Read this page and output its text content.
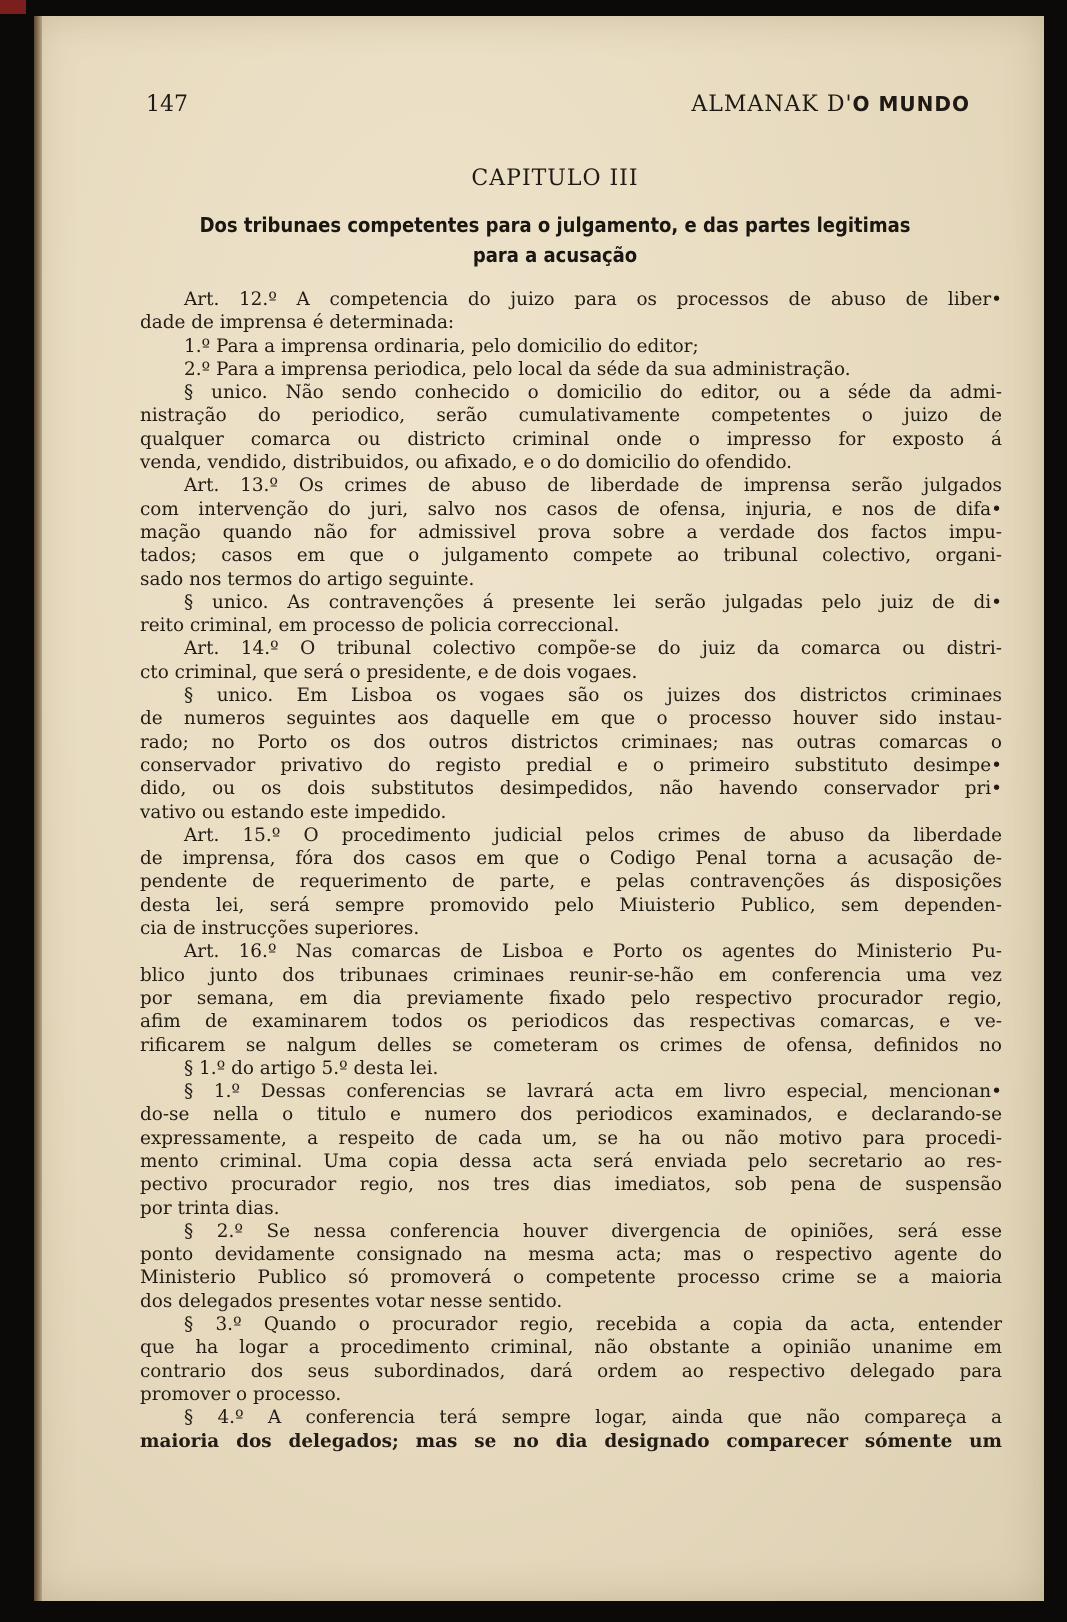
147	ALMANAK D'O MUNDO
CAPITULO III
Dos tribunaes competentes para o julgamento, e das partes legitimas
para a acusação

Art. 12.º A competencia do juizo para os processos de abuso de liber•

dade de imprensa é determinada:

1.º Para a imprensa ordinaria, pelo domicilio do editor;

2.º Para a imprensa periodica, pelo local da séde da sua administração.

§ unico. Não sendo conhecido o domicilio do editor, ou a séde da admi-

nistração do periodico, serão cumulativamente competentes o juizo de

qualquer comarca ou districto criminal onde o impresso for exposto á

venda, vendido, distribuidos, ou afixado, e o do domicilio do ofendido.

Art. 13.º Os crimes de abuso de liberdade de imprensa serão julgados

com intervenção do juri, salvo nos casos de ofensa, injuria, e nos de difa•

mação quando não for admissivel prova sobre a verdade dos factos impu-

tados; casos em que o julgamento compete ao tribunal colectivo, organi-

sado nos termos do artigo seguinte.

§ unico. As contravenções á presente lei serão julgadas pelo juiz de di•

reito criminal, em processo de policia correccional.

Art. 14.º O tribunal colectivo compõe-se do juiz da comarca ou distri-

cto criminal, que será o presidente, e de dois vogaes.

§ unico. Em Lisboa os vogaes são os juizes dos districtos criminaes

de numeros seguintes aos daquelle em que o processo houver sido instau-

rado; no Porto os dos outros districtos criminaes; nas outras comarcas o

conservador privativo do registo predial e o primeiro substituto desimpe•

dido, ou os dois substitutos desimpedidos, não havendo conservador pri•

vativo ou estando este impedido.

Art. 15.º O procedimento judicial pelos crimes de abuso da liberdade

de imprensa, fóra dos casos em que o Codigo Penal torna a acusação de-

pendente de requerimento de parte, e pelas contravenções ás disposições

desta lei, será sempre promovido pelo Miuisterio Publico, sem dependen-

cia de instrucções superiores.

Art. 16.º Nas comarcas de Lisboa e Porto os agentes do Ministerio Pu-

blico junto dos tribunaes criminaes reunir-se-hão em conferencia uma vez

por semana, em dia previamente fixado pelo respectivo procurador regio,

afim de examinarem todos os periodicos das respectivas comarcas, e ve-

rificarem se nalgum delles se cometeram os crimes de ofensa, definidos no

§ 1.º do artigo 5.º desta lei.

§ 1.º Dessas conferencias se lavrará acta em livro especial, mencionan•

do-se nella o titulo e numero dos periodicos examinados, e declarando-se

expressamente, a respeito de cada um, se ha ou não motivo para procedi-

mento criminal. Uma copia dessa acta será enviada pelo secretario ao res-

pectivo procurador regio, nos tres dias imediatos, sob pena de suspensão

por trinta dias.

§ 2.º Se nessa conferencia houver divergencia de opiniões, será esse

ponto devidamente consignado na mesma acta; mas o respectivo agente do

Ministerio Publico só promoverá o competente processo crime se a maioria

dos delegados presentes votar nesse sentido.

§ 3.º Quando o procurador regio, recebida a copia da acta, entender

que ha logar a procedimento criminal, não obstante a opinião unanime em

contrario dos seus subordinados, dará ordem ao respectivo delegado para

promover o processo.

§ 4.º A conferencia terá sempre logar, ainda que não compareça a

maioria dos delegados; mas se no dia designado comparecer sómente um
